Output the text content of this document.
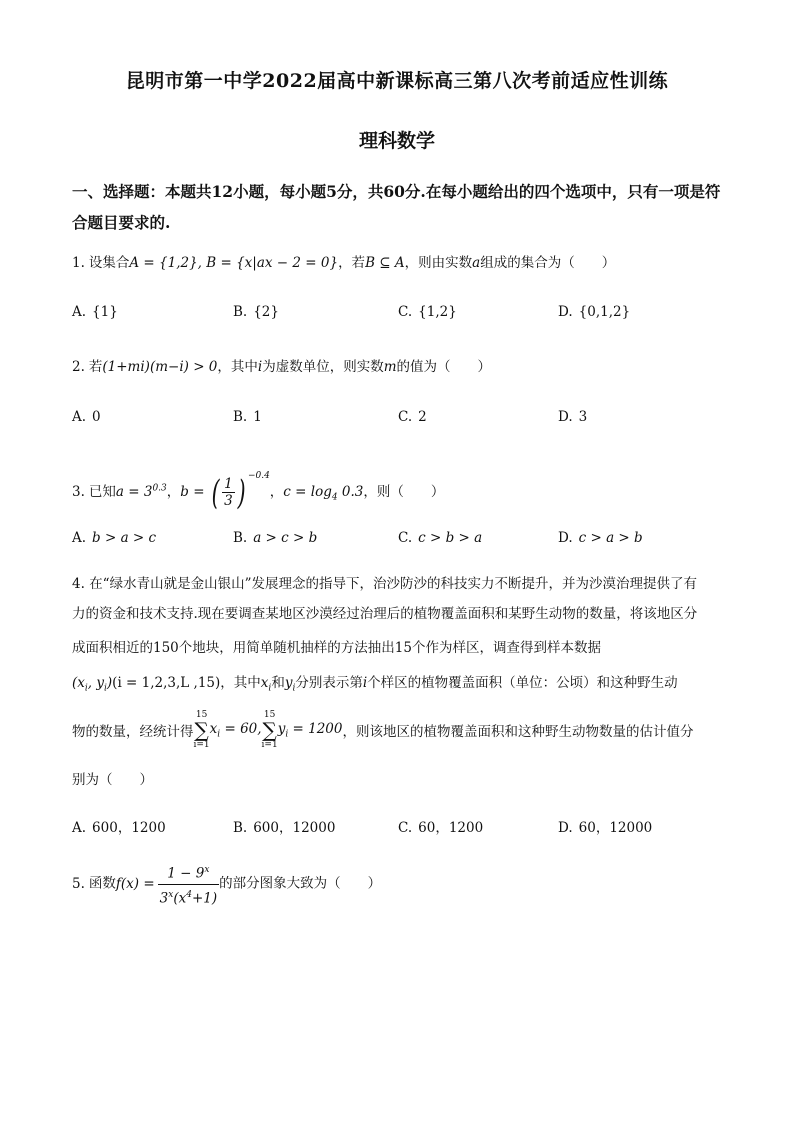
昆明市第一中学2022届高中新课标高三第八次考前适应性训练
理科数学
一、选择题：本题共12小题，每小题5分，共60分.在每小题给出的四个选项中，只有一项是符合题目要求的.
1. 设集合A = {1,2}, B = {x|ax − 2 = 0}，若B ⊆ A，则由实数a组成的集合为（　　）
A. {1}	B. {2}	C. {1,2}	D. {0,1,2}
2. 若(1+mi)(m−i) > 0，其中i为虚数单位，则实数m的值为（　　）
A. 0	B. 1	C. 2	D. 3
3. 已知$a = 3^{0.3}$，b = ( $\frac{1}{3}$ ) $^{-0.4}$，$c = \log_4 0.3$，则（　　）
A. b > a > c	B. a > c > b	C. c > b > a	D. c > a > b
4. 在“绿水青山就是金山银山”发展理念的指导下，治沙防沙的科技实力不断提升，并为沙漠治理提供了有
力的资金和技术支持.现在要调查某地区沙漠经过治理后的植物覆盖面积和某野生动物的数量，将该地区分
成面积相近的150个地块，用简单随机抽样的方法抽出15个作为样区，调查得到样本数据
($x_i$, $y_i)(i = 1,2,3,L$ ,15)，其中$x_i$和$y_i$分别表示第i个样区的植物覆盖面积（单位：公顷）和这种野生动
物的数量，经统计得15
∑
$i=1x_i = 60,15$
∑
$i=1y_i = 1200$，则该地区的植物覆盖面积和这种野生动物数量的估计值分
别为（　　）
A. 600，1200	B. 600，12000	C. 60，1200	D. 60，12000
5. 函数$f(x) = \frac{1 - 9^x}{3^x(x^4+1)}$ 的部分图象大致为（　　）
